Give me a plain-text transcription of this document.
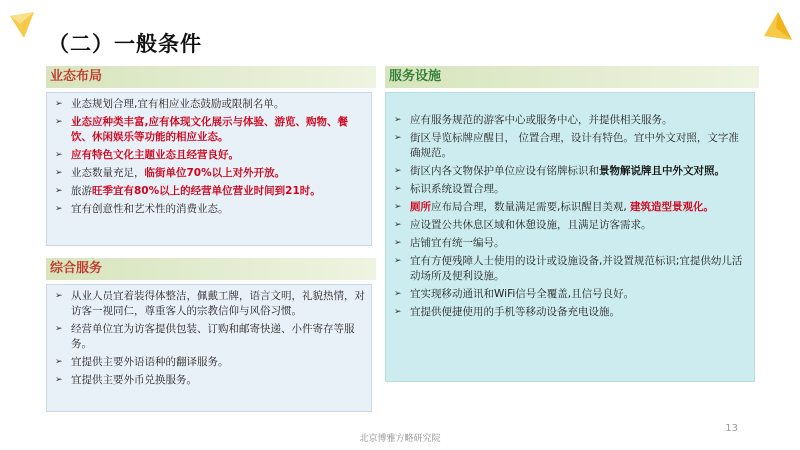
（二）一般条件
业态布局
➢ 业态规划合理,宜有相应业态鼓励或限制名单。
➢ 业态应种类丰富,应有体现文化展示与体验、游览、购物、餐饮、休闲娱乐等功能的相应业态。
➢ 应有特色文化主题业态且经营良好。
➢ 业态数量充足，临街单位70%以上对外开放。
➢ 旅游旺季宜有80%以上的经营单位营业时间到21时。
➢ 宜有创意性和艺术性的消费业态。
综合服务
➢ 从业人员宜着装得体整洁，佩戴工牌，语言文明，礼貌热情，对访客一视同仁，尊重客人的宗教信仰与风俗习惯。
➢ 经营单位宜为访客提供包装、订购和邮寄快递、小件寄存等服务。
➢ 宜提供主要外语语种的翻译服务。
➢ 宜提供主要外币兑换服务。
服务设施
➢ 应有服务规范的游客中心或服务中心，并提供相关服务。
➢ 街区导览标牌应醒目， 位置合理，设计有特色。宜中外文对照，文字准确规范。
➢ 街区内各文物保护单位应设有铭牌标识和景物解说牌且中外文对照。
➢ 标识系统设置合理。
➢ 厕所应布局合理，数量满足需要,标识醒目美观, 建筑造型景观化。
➢ 应设置公共休息区域和休憩设施，且满足访客需求。
➢ 店铺宜有统一编号。
➢ 宜有方便残障人士使用的设计或设施设备,并设置规范标识;宜提供幼儿活动场所及便利设施。
➢ 宜实现移动通讯和WiFi信号全覆盖,且信号良好。
➢ 宜提供便捷使用的手机等移动设备充电设施。
13
北京博雅方略研究院
